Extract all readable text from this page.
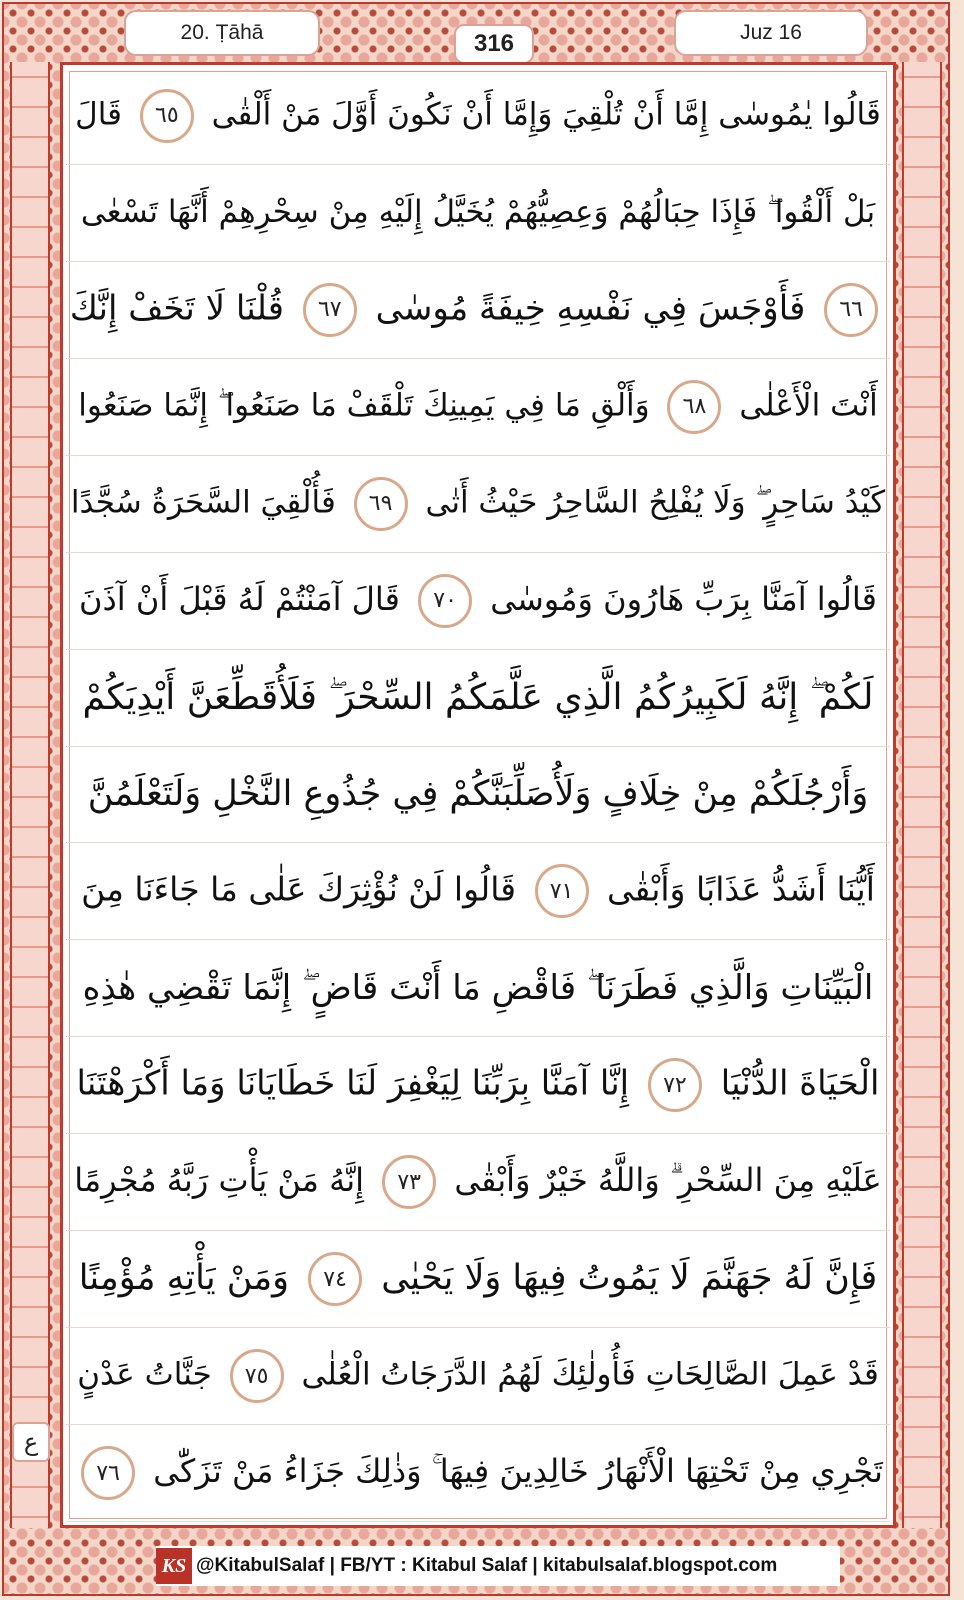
20. Ṭāhā	Juz 16
316
قَالُوا يٰمُوسٰى إِمَّا أَنْ تُلْقِيَ وَإِمَّا أَنْ نَكُونَ أَوَّلَ مَنْ أَلْقٰى ٦٥ قَالَ
بَلْ أَلْقُوا ۖ فَإِذَا حِبَالُهُمْ وَعِصِيُّهُمْ يُخَيَّلُ إِلَيْهِ مِنْ سِحْرِهِمْ أَنَّهَا تَسْعٰى
٦٦ فَأَوْجَسَ فِي نَفْسِهِ خِيفَةً مُوسٰى ٦٧ قُلْنَا لَا تَخَفْ إِنَّكَ
أَنْتَ الْأَعْلٰى ٦٨ وَأَلْقِ مَا فِي يَمِينِكَ تَلْقَفْ مَا صَنَعُوا ۖ إِنَّمَا صَنَعُوا
كَيْدُ سَاحِرٍ ۖ وَلَا يُفْلِحُ السَّاحِرُ حَيْثُ أَتٰى ٦٩ فَأُلْقِيَ السَّحَرَةُ سُجَّدًا
قَالُوا آمَنَّا بِرَبِّ هَارُونَ وَمُوسٰى ٧٠ قَالَ آمَنْتُمْ لَهُ قَبْلَ أَنْ آذَنَ
لَكُمْ ۖ إِنَّهُ لَكَبِيرُكُمُ الَّذِي عَلَّمَكُمُ السِّحْرَ ۖ فَلَأُقَطِّعَنَّ أَيْدِيَكُمْ
وَأَرْجُلَكُمْ مِنْ خِلَافٍ وَلَأُصَلِّبَنَّكُمْ فِي جُذُوعِ النَّخْلِ وَلَتَعْلَمُنَّ
أَيُّنَا أَشَدُّ عَذَابًا وَأَبْقٰى ٧١ قَالُوا لَنْ نُؤْثِرَكَ عَلٰى مَا جَاءَنَا مِنَ
الْبَيِّنَاتِ وَالَّذِي فَطَرَنَا ۖ فَاقْضِ مَا أَنْتَ قَاضٍ ۖ إِنَّمَا تَقْضِي هٰذِهِ
الْحَيَاةَ الدُّنْيَا ٧٢ إِنَّا آمَنَّا بِرَبِّنَا لِيَغْفِرَ لَنَا خَطَايَانَا وَمَا أَكْرَهْتَنَا
عَلَيْهِ مِنَ السِّحْرِ ۗ وَاللَّهُ خَيْرٌ وَأَبْقٰى ٧٣ إِنَّهُ مَنْ يَأْتِ رَبَّهُ مُجْرِمًا
فَإِنَّ لَهُ جَهَنَّمَ لَا يَمُوتُ فِيهَا وَلَا يَحْيٰى ٧٤ وَمَنْ يَأْتِهِ مُؤْمِنًا
قَدْ عَمِلَ الصَّالِحَاتِ فَأُولٰئِكَ لَهُمُ الدَّرَجَاتُ الْعُلٰى ٧٥ جَنَّاتُ عَدْنٍ
تَجْرِي مِنْ تَحْتِهَا الْأَنْهَارُ خَالِدِينَ فِيهَا ۚ وَذٰلِكَ جَزَاءُ مَنْ تَزَكّٰى ٧٦
ع
KS @KitabulSalaf | FB/YT : Kitabul Salaf | kitabulsalaf.blogspot.com
